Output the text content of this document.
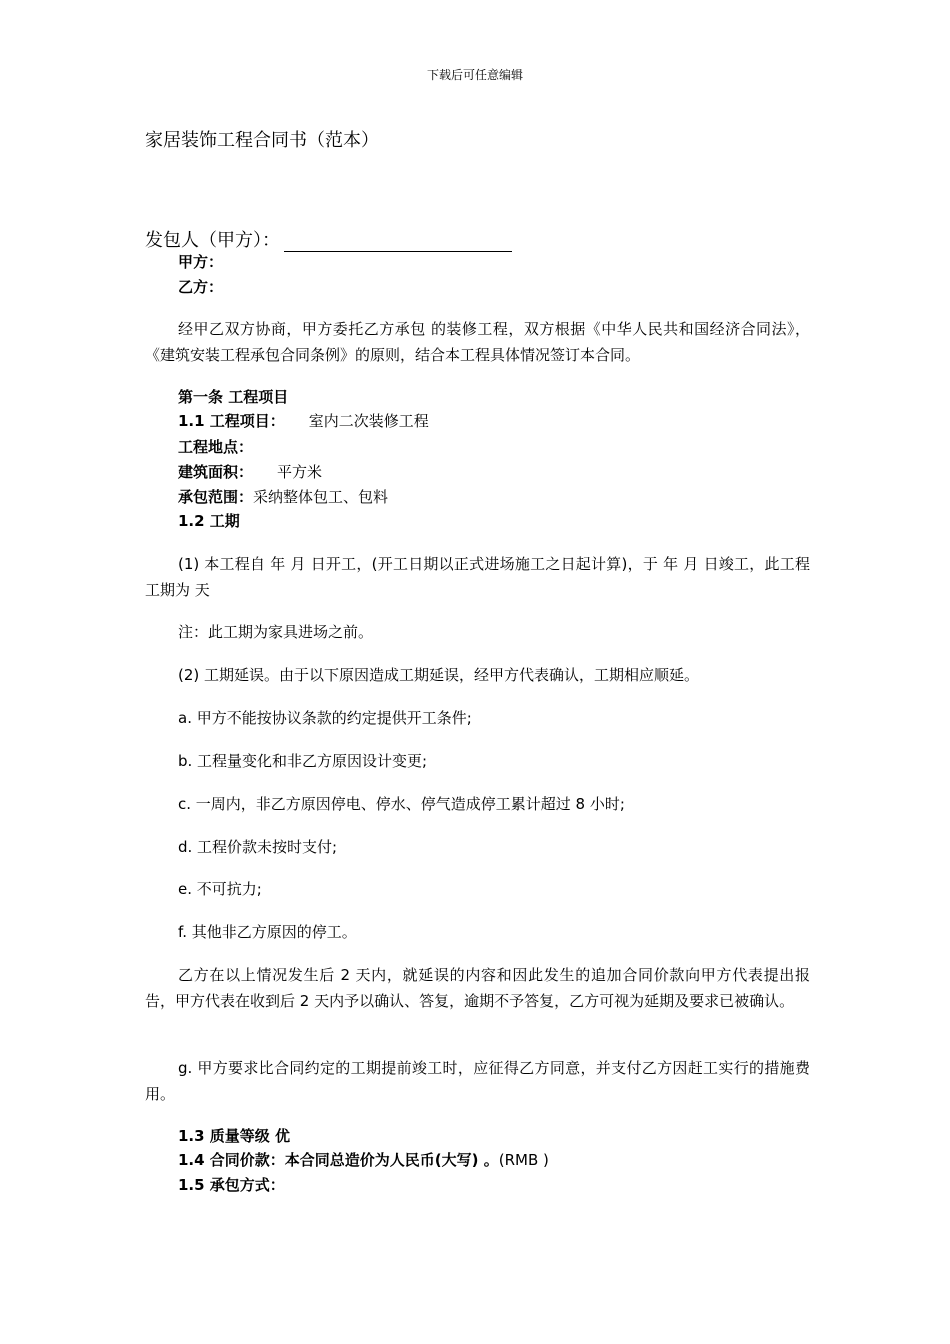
下载后可任意编辑
家居装饰工程合同书（范本）
发包人（甲方）：
甲方：
乙方：
经甲乙双方协商，甲方委托乙方承包 的装修工程，双方根据《中华人民共和国经济合同法》，《建筑安装工程承包合同条例》的原则，结合本工程具体情况签订本合同。
第一条 工程项目
1.1 工程项目： 室内二次装修工程
工程地点：
建筑面积： 平方米
承包范围：采纳整体包工、包料
1.2 工期
(1) 本工程自 年 月 日开工，(开工日期以正式进场施工之日起计算)，于 年 月 日竣工，此工程工期为 天
注：此工期为家具进场之前。
(2) 工期延误。由于以下原因造成工期延误，经甲方代表确认，工期相应顺延。
a. 甲方不能按协议条款的约定提供开工条件;
b. 工程量变化和非乙方原因设计变更;
c. 一周内，非乙方原因停电、停水、停气造成停工累计超过 8 小时;
d. 工程价款未按时支付;
e. 不可抗力;
f. 其他非乙方原因的停工。
乙方在以上情况发生后 2 天内，就延误的内容和因此发生的追加合同价款向甲方代表提出报告，甲方代表在收到后 2 天内予以确认、答复，逾期不予答复，乙方可视为延期及要求已被确认。
g. 甲方要求比合同约定的工期提前竣工时，应征得乙方同意，并支付乙方因赶工实行的措施费用。
1.3 质量等级 优
1.4 合同价款：本合同总造价为人民币(大写) 。(RMB )
1.5 承包方式：
